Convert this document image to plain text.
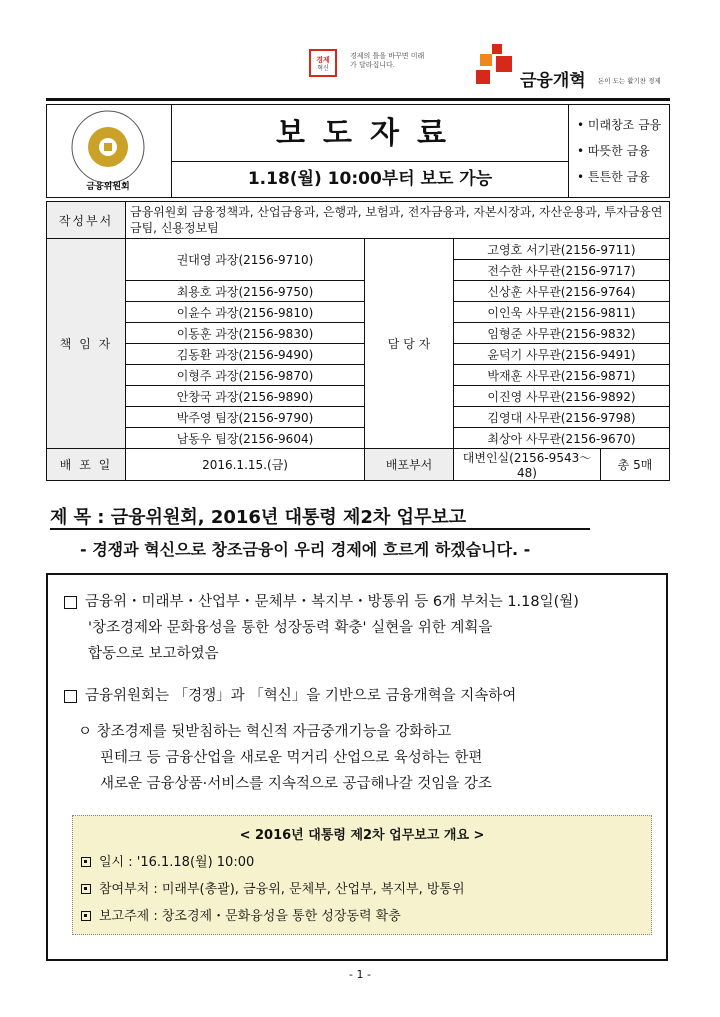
경제
혁신
경제의 틀을 바꾸면 미래가 달라집니다.
금융개혁 돈이 도는 활기찬 경제
금융위원회

보도자료
1.18(월) 10:00부터 보도 가능

• 미래창조 금융
• 따뜻한 금융
• 튼튼한 금융
작성부서	금융위원회 금융정책과, 산업금융과, 은행과, 보험과, 전자금융과, 자본시장과, 자산운용과, 투자금융연금팀, 신용정보팀			
책 임 자	권대영 과장(2156-9710)	담 당 자	고영호 서기관(2156-9711)	
			전수한 사무관(2156-9717)	
	최용호 과장(2156-9750)		신상훈 사무관(2156-9764)	
	이윤수 과장(2156-9810)		이인욱 사무관(2156-9811)	
	이동훈 과장(2156-9830)		임형준 사무관(2156-9832)	
	김동환 과장(2156-9490)		윤덕기 사무관(2156-9491)	
	이형주 과장(2156-9870)		박재훈 사무관(2156-9871)	
	안창국 과장(2156-9890)		이진영 사무관(2156-9892)	
	박주영 팀장(2156-9790)		김영대 사무관(2156-9798)	
	남동우 팀장(2156-9604)		최상아 사무관(2156-9670)	
배 포 일	2016.1.15.(금)	배포부서	대변인실(2156-9543～48)	총 5매
제 목 : 금융위원회, 2016년 대통령 제2차 업무보고
- 경쟁과 혁신으로 창조금융이 우리 경제에 흐르게 하겠습니다. -
금융위・미래부・산업부・문체부・복지부・방통위 등 6개 부처는 1.18일(월)
'창조경제와 문화융성을 통한 성장동력 확충' 실현을 위한 계획을
합동으로 보고하였음
금융위원회는 「경쟁」과 「혁신」을 기반으로 금융개혁을 지속하여
ㅇ 창조경제를 뒷받침하는 혁신적 자금중개기능을 강화하고
핀테크 등 금융산업을 새로운 먹거리 산업으로 육성하는 한편
새로운 금융상품·서비스를 지속적으로 공급해나갈 것임을 강조
< 2016년 대통령 제2차 업무보고 개요 >
일시 : '16.1.18(월) 10:00
참여부처 : 미래부(총괄), 금융위, 문체부, 산업부, 복지부, 방통위
보고주제 : 창조경제・문화융성을 통한 성장동력 확충
- 1 -
